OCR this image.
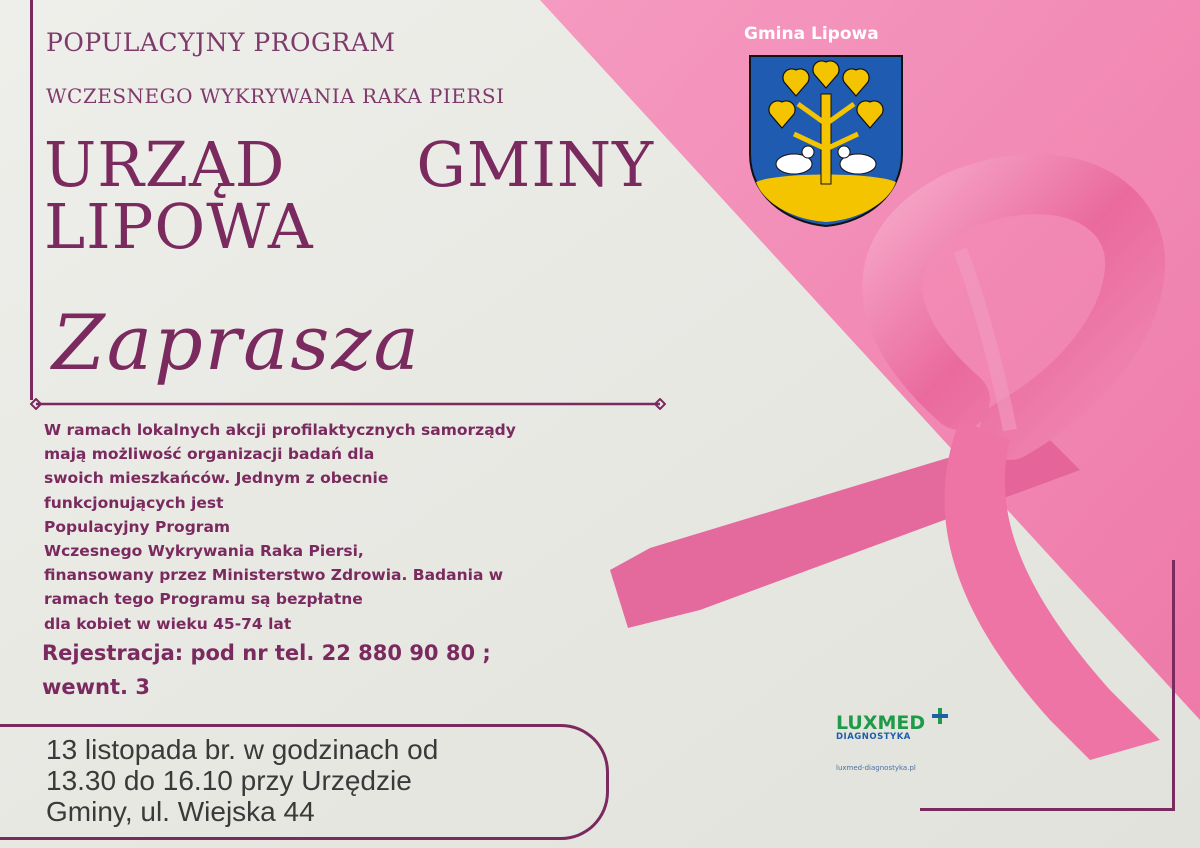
POPULACYJNY PROGRAM
WCZESNEGO WYKRYWANIA RAKA PIERSI
URZĄD GMINY
LIPOWA
Zaprasza
W ramach lokalnych akcji profilaktycznych samorządy
mają możliwość organizacji badań dla
swoich mieszkańców. Jednym z obecnie
funkcjonujących jest
Populacyjny Program
Wczesnego Wykrywania Raka Piersi,
finansowany przez Ministerstwo Zdrowia. Badania w
ramach tego Programu są bezpłatne
dla kobiet w wieku 45-74 lat
Rejestracja: pod nr tel. 22 880 90 80 ;
wewnt. 3
13 listopada br. w godzinach od
13.30 do 16.10 przy Urzędzie
Gminy, ul. Wiejska 44
Gmina Lipowa
LUXMED
DIAGNOSTYKA
luxmed-diagnostyka.pl
